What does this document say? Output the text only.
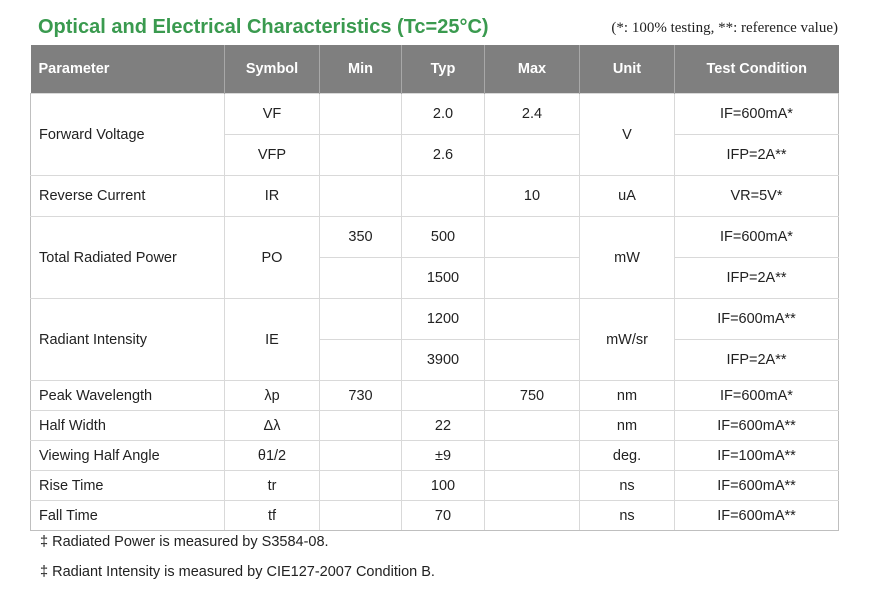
Optical and Electrical Characteristics (Tc=25°C)	(*: 100% testing, **: reference value)
Parameter	Symbol	Min	Typ	Max	Unit	Test Condition
Forward Voltage	VF		2.0	2.4	V	IF=600mA*
	VFP		2.6			IFP=2A**
Reverse Current	IR			10	uA	VR=5V*
Total Radiated Power	PO	350	500		mW	IF=600mA*
			1500			IFP=2A**
Radiant Intensity	IE		1200		mW/sr	IF=600mA**
			3900			IFP=2A**
Peak Wavelength	λp	730		750	nm	IF=600mA*
Half Width	Δλ		22		nm	IF=600mA**
Viewing Half Angle	θ1/2		±9		deg.	IF=100mA**
Rise Time	tr		100		ns	IF=600mA**
Fall Time	tf		70		ns	IF=600mA**
‡ Radiated Power is measured by S3584-08.
‡ Radiant Intensity is measured by CIE127-2007 Condition B.
